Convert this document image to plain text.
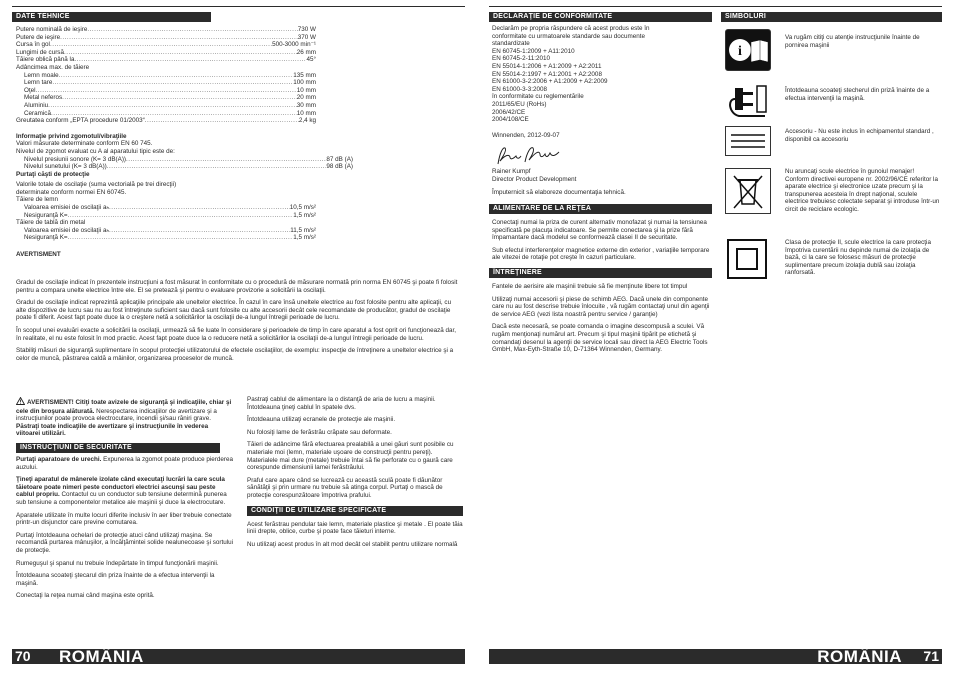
DATE TEHNICE
Putere nominală de ieşire .....	730 W
Putere de ieşire .....	370 W
Cursa în gol .....	500-3000 min⁻¹
Lungimi de cursă .....	26 mm
Tăiere oblică până la .....	45°
Adâncimea max. de tăiere
Lemn moale .....	135 mm
Lemn tare .....	100 mm
Oţel .....	10 mm
Metal neferos .....	20 mm
Aluminiu .....	30 mm
Ceramică .....	10 mm
Greutatea conform „EPTA procedure 01/2003“ .....	2,4 kg
Informaţie privind zgomotul/vibraţiile
Valori măsurate determinate conform EN 60 745.
Nivelul de zgomot evaluat cu A al aparatului tipic este de:
Nivelul presiunii sonore (K= 3 dB(A)) .....	87 dB (A)
Nivelul sunetului (K= 3 dB(A)) .....	98 dB (A)
Purtaţi căşti de protecţie
Valorile totale de oscilaţie (suma vectorială pe trei direcţii)
determinate conform normei EN 60745.
Tăiere de lemn
Valoarea emisiei de oscilaţii aₕ .....	10,5 m/s²
Nesiguranţă K= .....	1,5 m/s²
Tăiere de tablă din metal
Valoarea emisiei de oscilaţii aₕ .....	11,5 m/s²
Nesiguranţă K= .....	1,5 m/s²
AVERTISMENT
Gradul de oscilaţie indicat în prezentele instrucţiuni a fost măsurat în conformitate cu o procedură de măsurare normată prin norma EN 60745 şi poate fi folosit pentru a compara unelte electrice între ele. El se pretează şi pentru o evaluare provizorie a solicitării la oscilaţii.
Gradul de oscilaţie indicat reprezintă aplicaţiile principale ale uneltelor electrice. În cazul în care însă uneltele electrice au fost folosite pentru alte aplicaţii, cu alte dispozitive de lucru sau nu au fost întreţinute suficient sau dacă sunt folosite cu alte accesorii decât cele recomandate de producător, gradul de oscilaţie poate fi diferit. Acest fapt poate duce la o creştere netă a solicitărilor la oscilaţii de-a lungul întregii perioade de lucru.
În scopul unei evaluări exacte a solicitării la oscilaţii, urmează să fie luate în considerare şi perioadele de timp în care aparatul a fost oprit ori funcţionează dar, în realitate, el nu este folosit în mod practic. Acest fapt poate duce la o reducere netă a solicitărilor la oscilaţii de-a lungul întregii perioade de lucru.
Stabiliţi măsuri de siguranţă suplimentare în scopul protecţiei utilizatorului de efectele oscilaţiilor, de exemplu: inspecţie de întreţinere a uneltelor electrice şi a celor de muncă, păstrarea caldă a mâinilor, organizarea proceselor de muncă.
AVERTISMENT! Citiţi toate avizele de siguranţă şi indicaţiile, chiar şi cele din broşura alăturată. Nerespectarea indicaţiilor de avertizare şi a instrucţiunilor poate provoca electrocutare, incendii şi/sau răniri grave. Păstraţi toate indicaţiile de avertizare şi instrucţiunile în vederea viitoarei utilizări.
INSTRUCŢIUNI DE SECURITATE
Purtaţi aparatoare de urechi. Expunerea la zgomot poate produce pierderea auzului.
Ţineţi aparatul de mânerele izolate când executaţi lucrări la care scula tăietoare poate nimeri peste conductori electrici ascunşi sau peste cablul propriu. Contactul cu un conductor sub tensiune determină punerea sub tensiune a componentelor metalice ale maşinii şi duce la electrocutare.
Aparatele utilizate în multe locuri diferite inclusiv în aer liber trebuie conectate printr-un disjunctor care previne comutarea.
Purtaţi întotdeauna ochelari de protecţie atuci când utilizaţi maşina. Se recomandă purtarea mânuşilor, a încălţămintei solide nealunecoase şi sortului de protecţie.
Rumeguşul şi spanul nu trebuie îndepărtate în timpul funcţionării maşinii.
Întotdeauna scoateţi ştecarul din priza înainte de a efectua intervenţii la maşină.
Conectaţi la reţea numai când maşina este oprită.
Pastraţi cablul de alimentare la o distanţă de aria de lucru a maşinii. Întotdeauna ţineţi cablul în spatele dvs.
Întotdeauna utilizaţi ecranele de protecţie ale maşinii.
Nu folosiţi lame de ferăstrău crăpate sau deformate.
Tăieri de adâncime fără efectuarea prealabilă a unei găuri sunt posibile cu materiale moi (lemn, materiale uşoare de construcţii pentru pereţi). Materialele mai dure (metale) trebuie întai să fie perforate cu o gaură care corespunde dimensiunii lamei ferăstrăului.
Praful care apare când se lucrează cu această sculă poate fi dăunător sănătăţii şi prin urmare nu trebuie să atinga corpul. Purtaţi o mască de protecţie corespunzătoare împotriva prafului.
CONDIŢII DE UTILIZARE SPECIFICATE
Acest ferăstrau pendular taie lemn, materiale plastice şi metale . El poate tăia linii drepte, oblice, curbe şi poate face tăieturi interne.
Nu utilizaţi acest produs în alt mod decât cel stabilit pentru utilizare normală
70 ROMÂNIA
DECLARAŢIE DE CONFORMITATE
Declarăm pe propria răspundere că acest produs este în
conformitate cu urmatoarele standarde sau documente
standardizate
EN 60745-1:2009 + A11:2010
EN 60745-2-11:2010
EN 55014-1:2006 + A1:2009 + A2:2011
EN 55014-2:1997 + A1:2001 + A2:2008
EN 61000-3-2:2006 + A1:2009 + A2:2009
EN 61000-3-3:2008
în conformitate cu reglementările
2011/65/EU (RoHs)
2006/42/CE
2004/108/CE
Winnenden, 2012-09-07
Rainer Kumpf
Director Product Development
Împuternicit să elaboreze documentaţia tehnică.
ALIMENTARE DE LA REŢEA
Conectaţi numai la priza de curent alternativ monofazat şi numai la tensiunea specificată pe placuţa indicatoare. Se permite conectarea şi la prize fără împamantare dacă modelul se conformează clasei II de securitate.
Sub efectul interferenţelor magnetice externe din exterior , variaţiile temporare ale vitezei de rotaţie pot creşte în cazuri particulare.
ÎNTREŢINERE
Fantele de aerisire ale maşinii trebuie să fie menţinute libere tot timpul
Utilizaţi numai accesorii şi piese de schimb AEG. Dacă unele din componente care nu au fost descrise trebuie înlocuite , vă rugăm contactaţi unul din agenţii de service AEG (vezi lista noastră pentru service / garanţie)
Dacă este necesară, se poate comanda o imagine descompusă a sculei. Vă rugăm menţionaţi numărul art. Precum şi tipul maşinii tipărit pe etichetă şi comandaţi desenul la agenţii de service locali sau direct la AEG Electric Tools GmbH, Max-Eyth-Straße 10, D-71364 Winnenden, Germany.
SIMBOLURI
i
Va rugăm citiţi cu atenţie instrucţiunile înainte de pornirea maşinii
Întotdeauna scoateţi stecherul din priză înainte de a efectua intervenţii la maşină.
Accesoriu - Nu este inclus în echipamentul standard , disponibil ca accesoriu
Nu aruncaţi scule electrice în gunoiul menajer! Conform directivei europene nr. 2002/96/CE referitor la aparate electrice şi electronice uzate precum şi la transpunerea acesteia în drept naţional, sculele electrice trebuiesc colectate separat şi introduse într-un circit de reciclare ecologic.
Clasa de protecţie II, scule electrice la care protecţia împotriva curentării nu depinde numai de izolaţia de bază, ci la care se folosesc măsuri de protecţie suplimentare precum izolaţia dublă sau izolaţia ranforsată.
ROMÂNIA 71
